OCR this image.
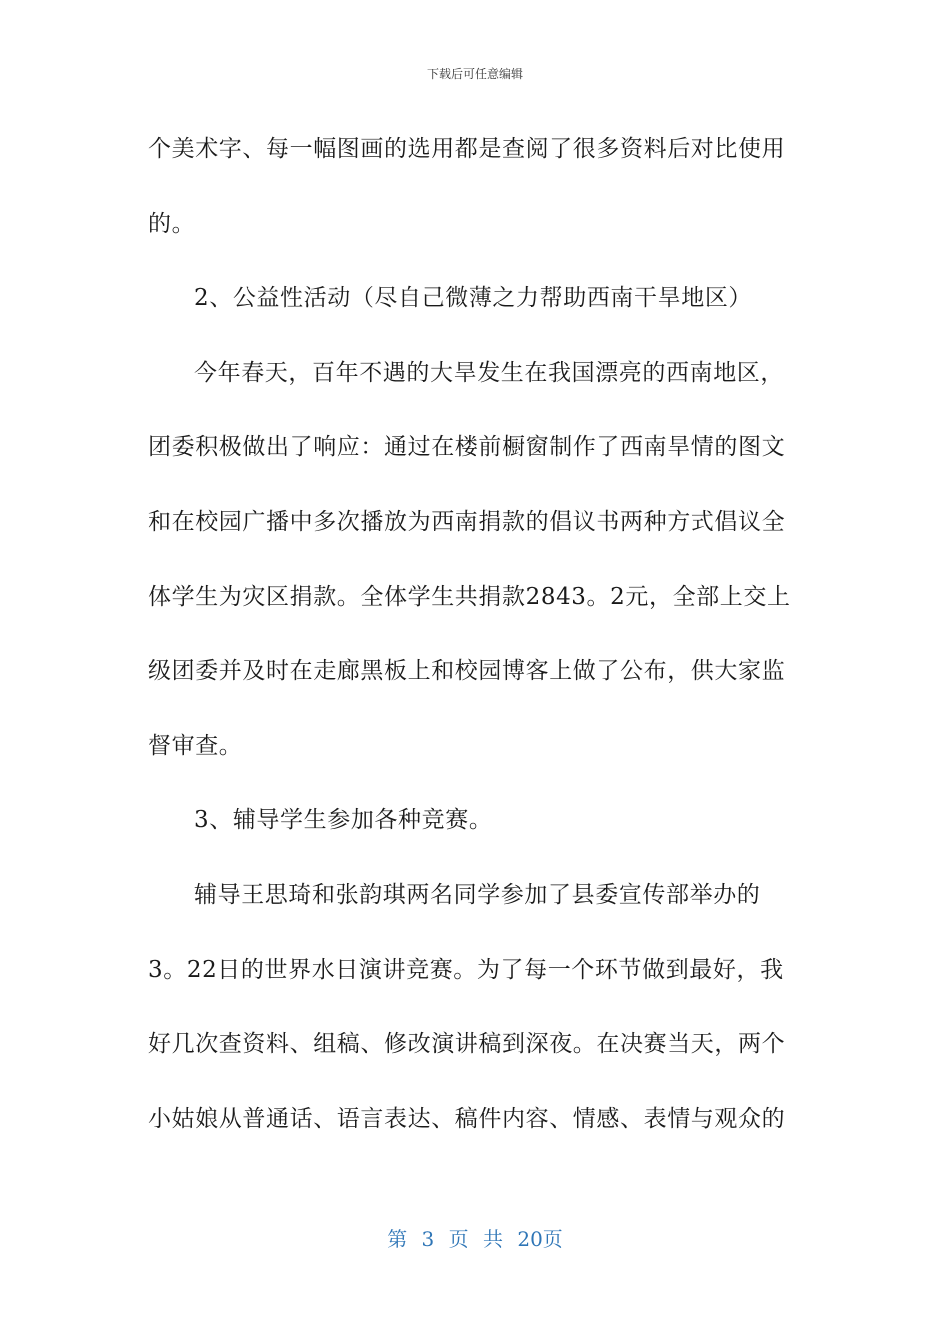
下载后可任意编辑
个美术字、每一幅图画的选用都是查阅了很多资料后对比使用
的。
2、公益性活动（尽自己微薄之力帮助西南干旱地区）
今年春天，百年不遇的大旱发生在我国漂亮的西南地区，
团委积极做出了响应：通过在楼前橱窗制作了西南旱情的图文
和在校园广播中多次播放为西南捐款的倡议书两种方式倡议全
体学生为灾区捐款。全体学生共捐款2843。2元，全部上交上
级团委并及时在走廊黑板上和校园博客上做了公布，供大家监
督审查。
3、辅导学生参加各种竞赛。
辅导王思琦和张韵琪两名同学参加了县委宣传部举办的
3。22日的世界水日演讲竞赛。为了每一个环节做到最好，我
好几次查资料、组稿、修改演讲稿到深夜。在决赛当天，两个
小姑娘从普通话、语言表达、稿件内容、情感、表情与观众的
第 3 页 共 20页
